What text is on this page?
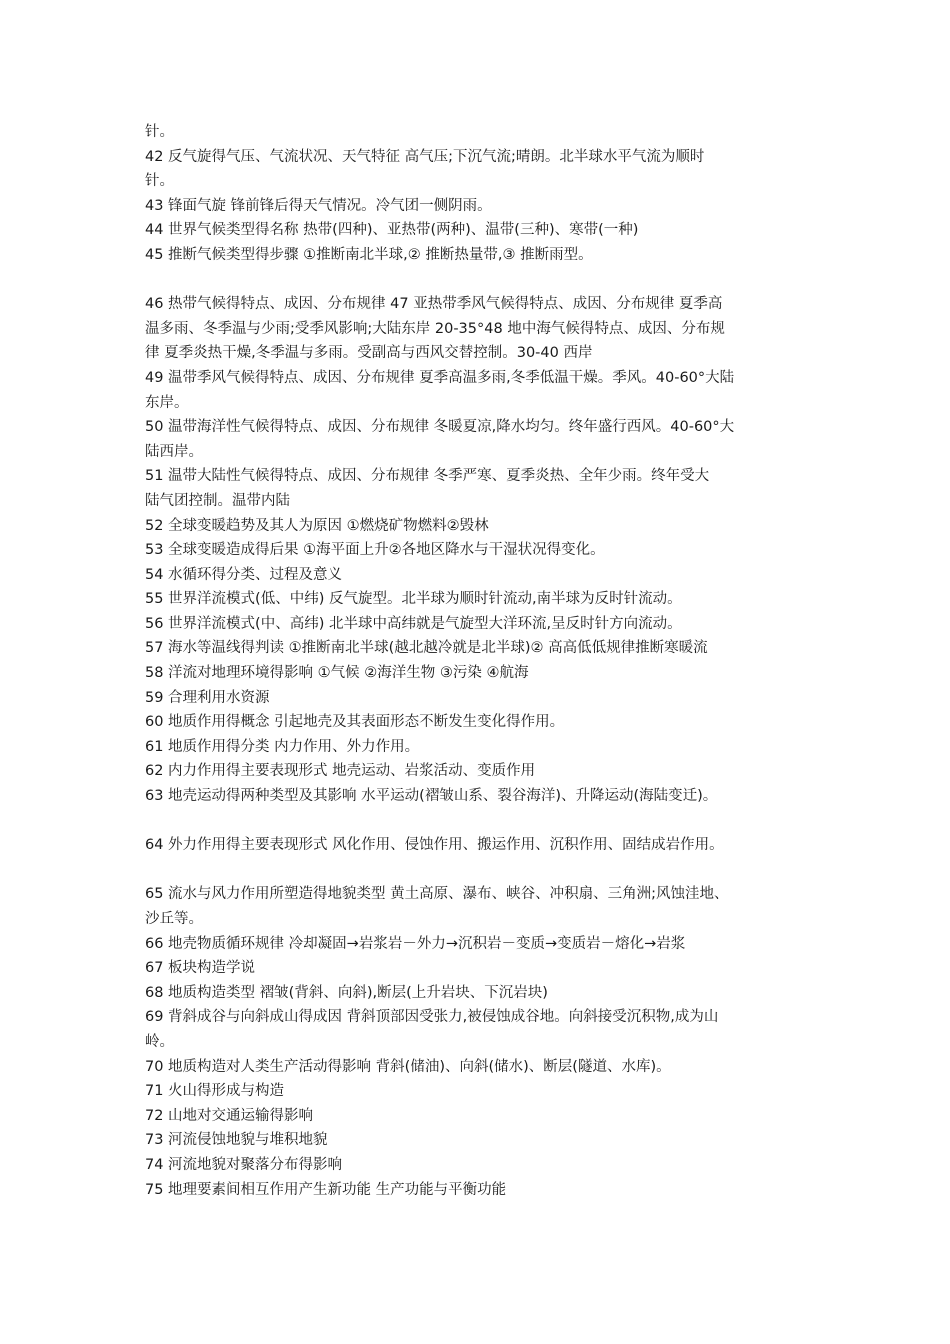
针。

42 反气旋得气压、气流状况、天气特征 高气压;下沉气流;晴朗。北半球水平气流为顺时

针。

43 锋面气旋 锋前锋后得天气情况。冷气团一侧阴雨。

44 世界气候类型得名称 热带(四种)、亚热带(两种)、温带(三种)、寒带(一种)

45 推断气候类型得步骤 ①推断南北半球,② 推断热量带,③ 推断雨型。

46 热带气候得特点、成因、分布规律 47 亚热带季风气候得特点、成因、分布规律 夏季高

温多雨、冬季温与少雨;受季风影响;大陆东岸 20-35°48 地中海气候得特点、成因、分布规

律 夏季炎热干燥,冬季温与多雨。受副高与西风交替控制。30-40 西岸

49 温带季风气候得特点、成因、分布规律 夏季高温多雨,冬季低温干燥。季风。40-60°大陆

东岸。

50 温带海洋性气候得特点、成因、分布规律 冬暖夏凉,降水均匀。终年盛行西风。40-60°大

陆西岸。

51 温带大陆性气候得特点、成因、分布规律 冬季严寒、夏季炎热、全年少雨。终年受大

陆气团控制。温带内陆

52 全球变暖趋势及其人为原因 ①燃烧矿物燃料②毁林

53 全球变暖造成得后果 ①海平面上升②各地区降水与干湿状况得变化。

54 水循环得分类、过程及意义

55 世界洋流模式(低、中纬) 反气旋型。北半球为顺时针流动,南半球为反时针流动。

56 世界洋流模式(中、高纬) 北半球中高纬就是气旋型大洋环流,呈反时针方向流动。

57 海水等温线得判读 ①推断南北半球(越北越冷就是北半球)② 高高低低规律推断寒暖流

58 洋流对地理环境得影响 ①气候 ②海洋生物 ③污染 ④航海

59 合理利用水资源

60 地质作用得概念 引起地壳及其表面形态不断发生变化得作用。

61 地质作用得分类 内力作用、外力作用。

62 内力作用得主要表现形式 地壳运动、岩浆活动、变质作用

63 地壳运动得两种类型及其影响 水平运动(褶皱山系、裂谷海洋)、升降运动(海陆变迁)。

64 外力作用得主要表现形式 风化作用、侵蚀作用、搬运作用、沉积作用、固结成岩作用。

65 流水与风力作用所塑造得地貌类型 黄土高原、瀑布、峡谷、冲积扇、三角洲;风蚀洼地、

沙丘等。

66 地壳物质循环规律 冷却凝固→岩浆岩－外力→沉积岩－变质→变质岩－熔化→岩浆

67 板块构造学说

68 地质构造类型 褶皱(背斜、向斜),断层(上升岩块、下沉岩块)

69 背斜成谷与向斜成山得成因 背斜顶部因受张力,被侵蚀成谷地。向斜接受沉积物,成为山

岭。

70 地质构造对人类生产活动得影响 背斜(储油)、向斜(储水)、断层(隧道、水库)。

71 火山得形成与构造

72 山地对交通运输得影响

73 河流侵蚀地貌与堆积地貌

74 河流地貌对聚落分布得影响

75 地理要素间相互作用产生新功能 生产功能与平衡功能
